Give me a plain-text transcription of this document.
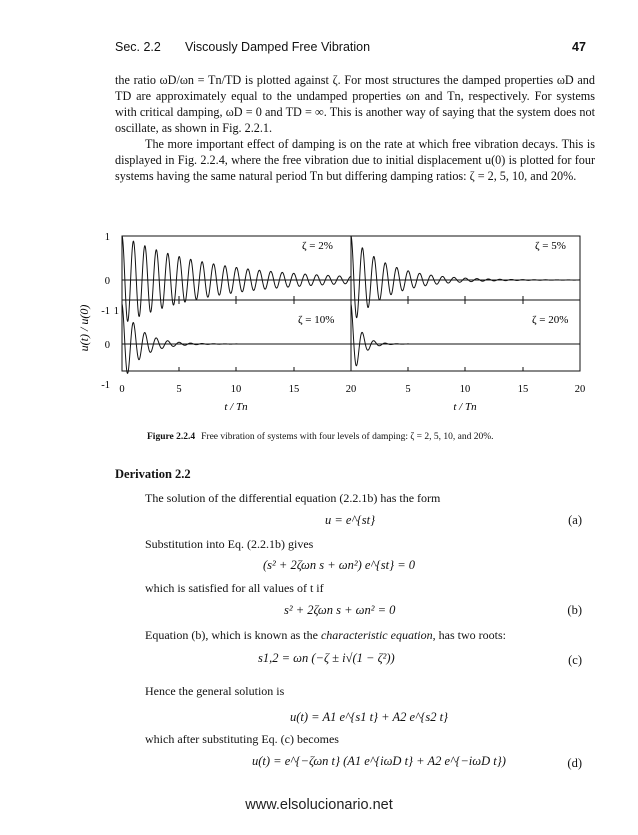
Sec. 2.2 Viscously Damped Free Vibration	47

the ratio ωD/ωn = Tn/TD is plotted against ζ. For most structures the damped properties ωD and TD are approximately equal to the undamped properties ωn and Tn, respectively. For systems with critical damping, ωD = 0 and TD = ∞. This is another way of saying that the system does not oscillate, as shown in Fig. 2.2.1.

The more important effect of damping is on the rate at which free vibration decays. This is displayed in Fig. 2.2.4, where the free vibration due to initial displacement u(0) is plotted for four systems having the same natural period Tn but differing damping ratios: ζ = 2, 5, 10, and 20%.

u(t) / u(0)
ζ = 2%	ζ = 5%
ζ = 10%	ζ = 20%
1
0
-1 1
0
-1 0	5	10	15	20	5	10	15	20
t / Tn	t / Tn
Figure 2.2.4 Free vibration of systems with four levels of damping: ζ = 2, 5, 10, and 20%.
Derivation 2.2
The solution of the differential equation (2.2.1b) has the form
u = e^{st}	(a)
Substitution into Eq. (2.2.1b) gives
(s² + 2ζωn s + ωn²) e^{st} = 0
which is satisfied for all values of t if
s² + 2ζωn s + ωn² = 0	(b)
Equation (b), which is known as the characteristic equation, has two roots:
s1,2 = ωn (−ζ ± i√(1 − ζ²))	(c)
Hence the general solution is
u(t) = A1 e^{s1 t} + A2 e^{s2 t}
which after substituting Eq. (c) becomes
u(t) = e^{−ζωn t} (A1 e^{iωD t} + A2 e^{−iωD t})	(d)
www.elsolucionario.net
